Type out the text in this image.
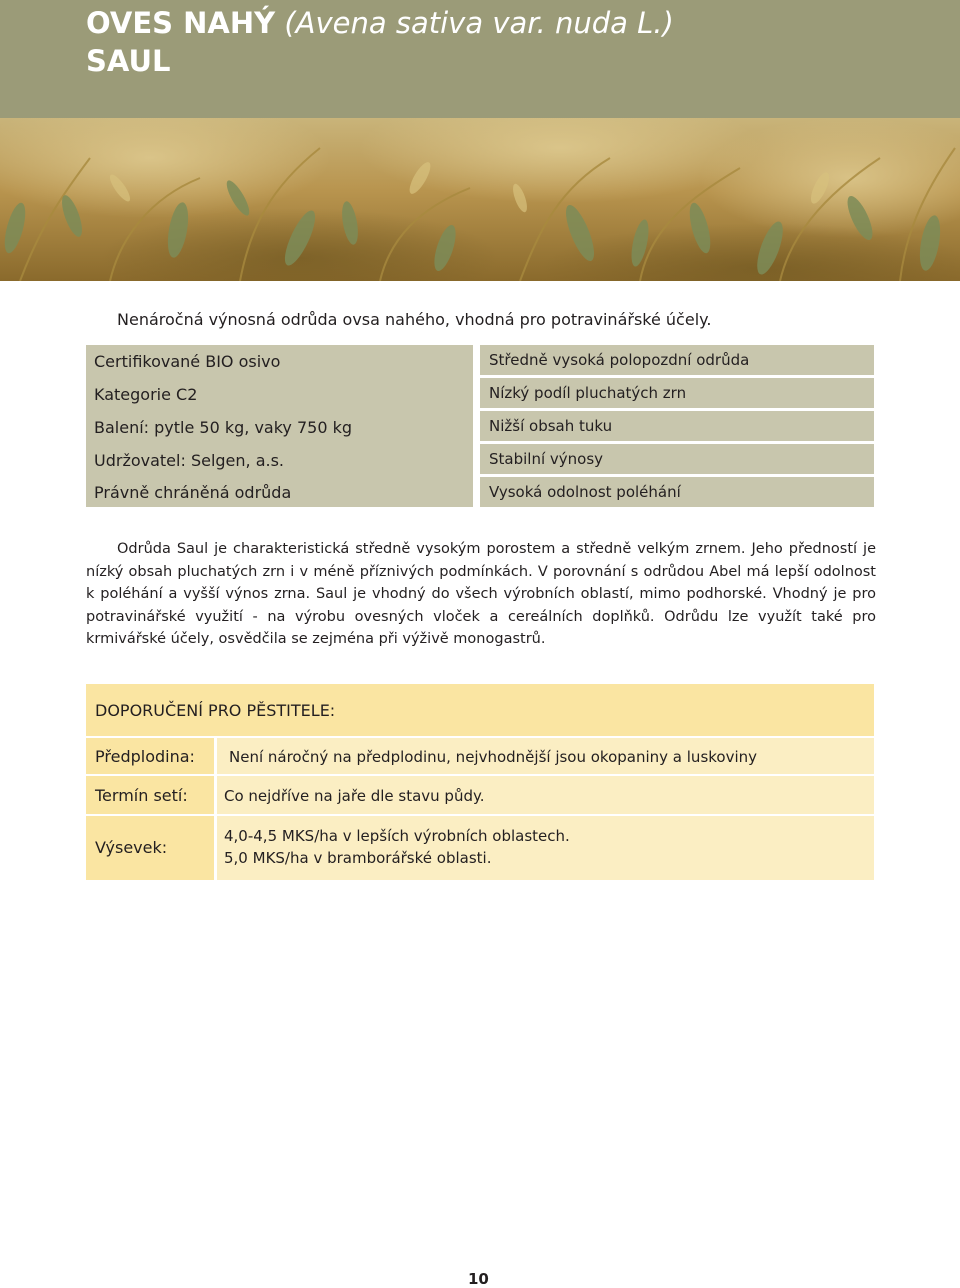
OVES NAHÝ (Avena sativa var. nuda L.)
SAUL
Nenáročná výnosná odrůda ovsa nahého, vhodná pro potravinářské účely.
Certifikované BIO osivo
Kategorie C2
Balení: pytle 50 kg, vaky 750 kg
Udržovatel: Selgen, a.s.
Právně chráněná odrůda
Středně vysoká polopozdní odrůda
Nízký podíl pluchatých zrn
Nižší obsah tuku
Stabilní výnosy
Vysoká odolnost poléhání
Odrůda Saul je charakteristická středně vysokým porostem a středně velkým zrnem. Jeho předností je nízký obsah pluchatých zrn i v méně příznivých podmínkách. V porovnání s odrůdou Abel má lepší odolnost k poléhání a vyšší výnos zrna. Saul je vhodný do všech výrobních oblastí, mimo podhorské. Vhodný je pro potravinářské využití - na výrobu ovesných vloček a cereálních doplňků. Odrůdu lze využít také pro krmivářské účely, osvědčila se zejména při výživě monogastrů.
DOPORUČENÍ PRO PĚSTITELE:
Předplodina: Není náročný na předplodinu, nejvhodnější jsou okopaniny a luskoviny
Termín setí: Co nejdříve na jaře dle stavu půdy.
Výsevek:
4,0-4,5 MKS/ha v lepších výrobních oblastech.
5,0 MKS/ha v bramborářské oblasti.
10
